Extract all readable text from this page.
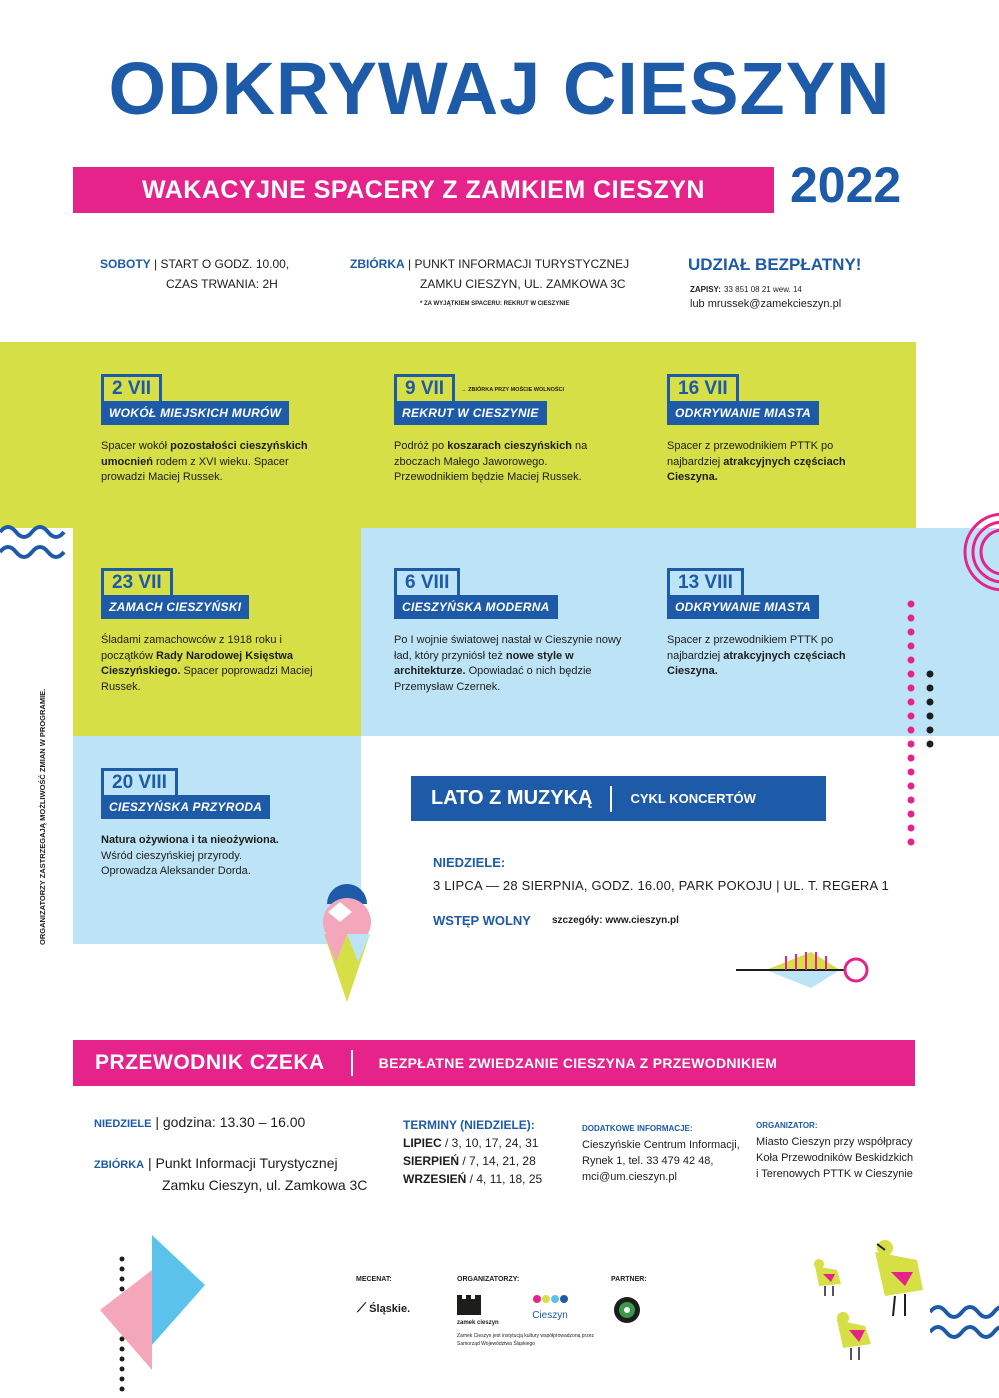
ODKRYWAJ CIESZYN
WAKACYJNE SPACERY Z ZAMKIEM CIESZYN	2022
SOBOTY | START O GODZ. 10.00,
CZAS TRWANIA: 2H
ZBIÓRKA | PUNKT INFORMACJI TURYSTYCZNEJ
ZAMKU CIESZYN, UL. ZAMKOWA 3C
$^{* ZA WYJĄTKIEM SPACERU: REKRUT W CIESZYNIE}$
UDZIAŁ BEZPŁATNY!
ZAPISY: 33 851 08 21 wew. 14
lub mrussek@zamekcieszyn.pl
2 VII
WOKÓŁ MIEJSKICH MURÓW
Spacer wokół pozostałości cieszyńskich umocnień rodem z XVI wieku. Spacer prowadzi Maciej Russek.
9 VII	→ ZBIÓRKA PRZY MOŚCIE WOLNOŚCI
REKRUT W CIESZYNIE
Podróż po koszarach cieszyńskich na zboczach Małego Jaworowego. Przewodnikiem będzie Maciej Russek.
16 VII
ODKRYWANIE MIASTA
Spacer z przewodnikiem PTTK po najbardziej atrakcyjnych częściach Cieszyna.
23 VII
ZAMACH CIESZYŃSKI
Śladami zamachowców z 1918 roku i początków Rady Narodowej Księstwa Cieszyńskiego. Spacer poprowadzi Maciej Russek.
6 VIII
CIESZYŃSKA MODERNA
Po I wojnie światowej nastał w Cieszynie nowy ład, który przyniósł też nowe style w architekturze. Opowiadać o nich będzie Przemysław Czernek.
13 VIII
ODKRYWANIE MIASTA
Spacer z przewodnikiem PTTK po najbardziej atrakcyjnych częściach Cieszyna.
20 VIII
CIESZYŃSKA PRZYRODA
Natura ożywiona i ta nieożywiona. Wśród cieszyńskiej przyrody. Oprowadza Aleksander Dorda.
ORGANIZATORZY ZASTRZEGAJĄ MOŻLIWOŚĆ ZMIAN W PROGRAMIE.	LATO Z MUZYKĄ	CYKL KONCERTÓW
NIEDZIELE:
3 LIPCA — 28 SIERPNIA, GODZ. 16.00, PARK POKOJU | UL. T. REGERA 1
WSTĘP WOLNY szczegóły: www.cieszyn.pl
PRZEWODNIK CZEKA	BEZPŁATNE ZWIEDZANIE CIESZYNA Z PRZEWODNIKIEM
NIEDZIELE | godzina: 13.30 – 16.00
ZBIÓRKA | Punkt Informacji Turystycznej
Zamku Cieszyn, ul. Zamkowa 3C
TERMINY (NIEDZIELE):
LIPIEC / 3, 10, 17, 24, 31
SIERPIEŃ / 7, 14, 21, 28
WRZESIEŃ / 4, 11, 18, 25
DODATKOWE INFORMACJE:
Cieszyńskie Centrum Informacji,
Rynek 1, tel. 33 479 42 48,
mci@um.cieszyn.pl
ORGANIZATOR:
Miasto Cieszyn przy współpracy
Koła Przewodników Beskidzkich
i Terenowych PTTK w Cieszynie
MECENAT:	ORGANIZATORZY:	PARTNER:
⟋ Śląskie.
zamek cieszyn
Cieszyn
Zamek Cieszyn jest instytucją kultury współprowadzoną przez Samorząd Województwa Śląskiego
